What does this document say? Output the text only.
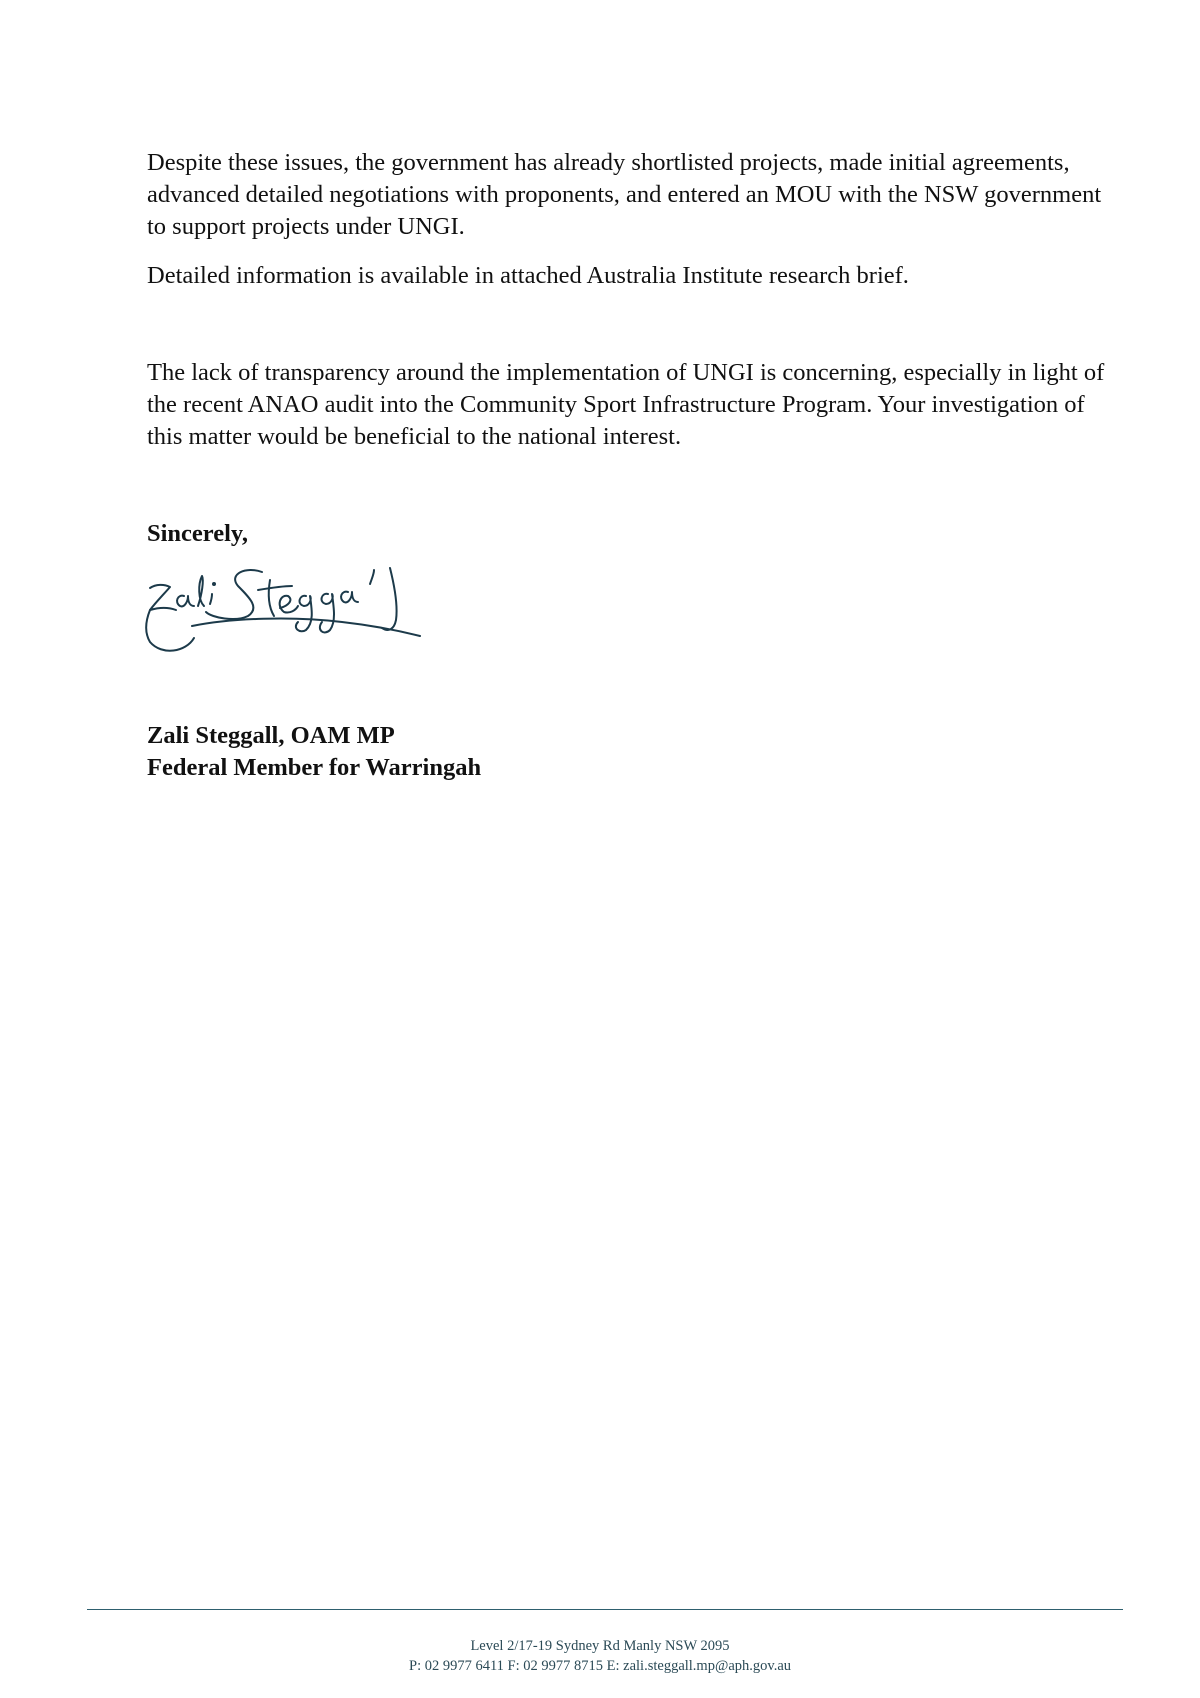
Despite these issues, the government has already shortlisted projects, made initial agreements, advanced detailed negotiations with proponents, and entered an MOU with the NSW government to support projects under UNGI.

Detailed information is available in attached Australia Institute research brief.

The lack of transparency around the implementation of UNGI is concerning, especially in light of the recent ANAO audit into the Community Sport Infrastructure Program. Your investigation of this matter would be beneficial to the national interest.

Sincerely,

Zali Steggall, OAM MP
Federal Member for Warringah
Level 2/17-19 Sydney Rd Manly NSW 2095
P: 02 9977 6411 F: 02 9977 8715 E: zali.steggall.mp@aph.gov.au
